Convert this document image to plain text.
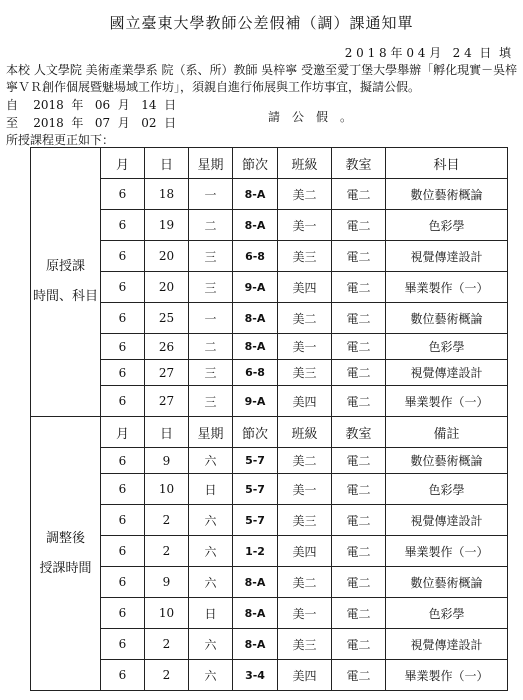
國立臺東大學教師公差假補（調）課通知單
2 0 1 8 年 0 4 月   2 4  日  填
本校 人文學院 美術產業學系 院（系、所）教師 吳梓寧 受邀至愛丁堡大學舉辦「孵化現實－吳梓寧ＶＲ創作個展暨魅場域工作坊」，須親自進行佈展與工作坊事宜，擬請公假。
自    2018  年   06  月   14  日
至    2018  年   07  月   02  日	請公假。
所授課程更正如下：
原授課
時間、科目	月	日	星期	節次	班級	教室	科目
	6	18	一	8-A	美二	電二	數位藝術概論
	6	19	二	8-A	美一	電二	色彩學
	6	20	三	6-8	美三	電二	視覺傳達設計
	6	20	三	9-A	美四	電二	畢業製作（一）
	6	25	一	8-A	美二	電二	數位藝術概論
	6	26	二	8-A	美一	電二	色彩學
	6	27	三	6-8	美三	電二	視覺傳達設計
	6	27	三	9-A	美四	電二	畢業製作（一）

調整後
授課時間	月	日	星期	節次	班級	教室	備註
	6	9	六	5-7	美二	電二	數位藝術概論
	6	10	日	5-7	美一	電二	色彩學
	6	2	六	5-7	美三	電二	視覺傳達設計
	6	2	六	1-2	美四	電二	畢業製作（一）
	6	9	六	8-A	美二	電二	數位藝術概論
	6	10	日	8-A	美一	電二	色彩學
	6	2	六	8-A	美三	電二	視覺傳達設計
	6	2	六	3-4	美四	電二	畢業製作（一）
